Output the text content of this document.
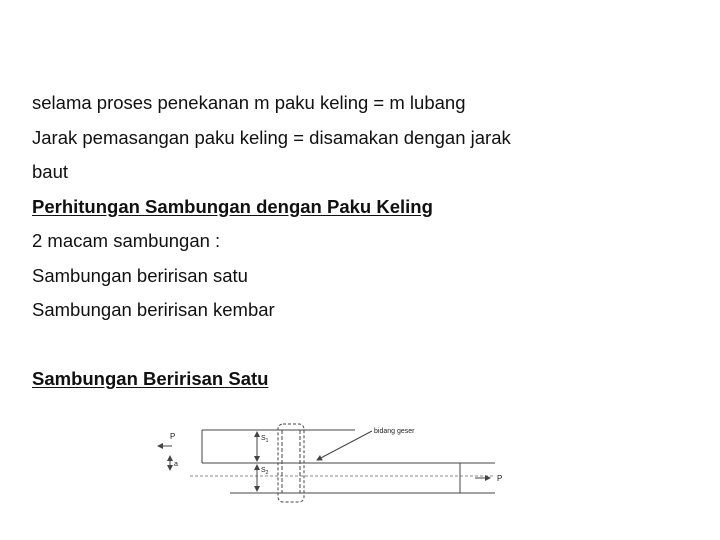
selama proses penekanan m paku keling = m lubang
Jarak pemasangan paku keling = disamakan dengan jarak
baut
Perhitungan Sambungan dengan Paku Keling
2 macam sambungan :
Sambungan beririsan satu
Sambungan beririsan kembar
Sambungan Beririsan Satu
P
a
$S_1$
$S_2$
bidang geser
P
